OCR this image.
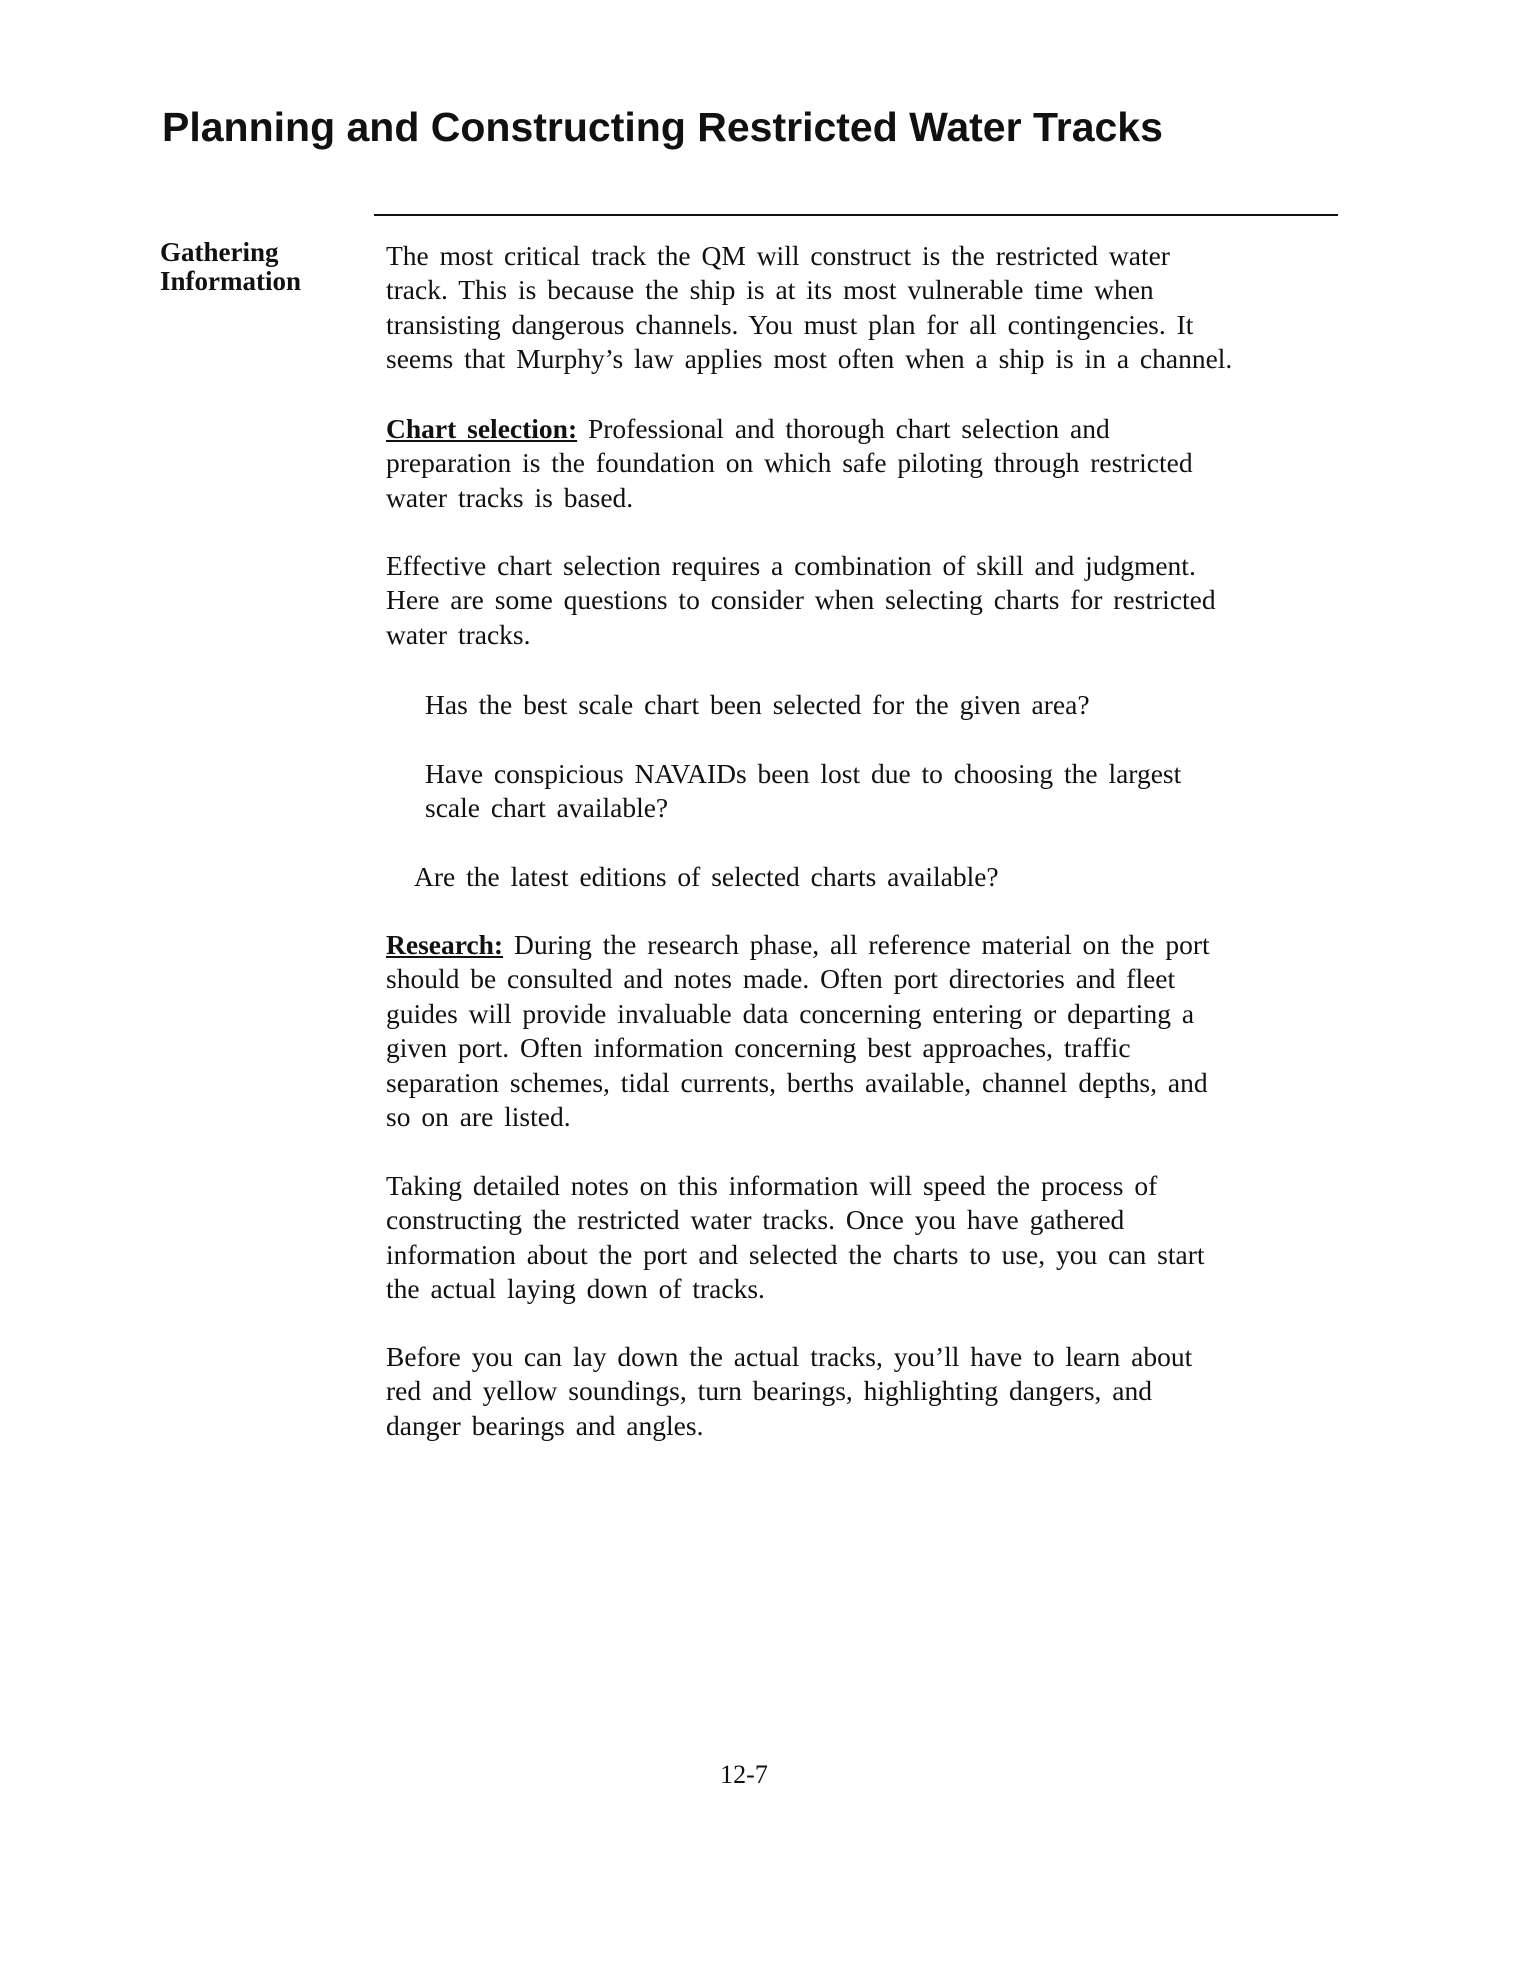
Planning and Constructing Restricted Water Tracks
Gathering
Information
The most critical track the QM will construct is the restricted water
track. This is because the ship is at its most vulnerable time when
transisting dangerous channels. You must plan for all contingencies. It
seems that Murphy’s law applies most often when a ship is in a channel.
Chart selection: Professional and thorough chart selection and
preparation is the foundation on which safe piloting through restricted
water tracks is based.
Effective chart selection requires a combination of skill and judgment.
Here are some questions to consider when selecting charts for restricted
water tracks.
Has the best scale chart been selected for the given area?
Have conspicious NAVAIDs been lost due to choosing the largest
scale chart available?
Are the latest editions of selected charts available?
Research: During the research phase, all reference material on the port
should be consulted and notes made. Often port directories and fleet
guides will provide invaluable data concerning entering or departing a
given port. Often information concerning best approaches, traffic
separation schemes, tidal currents, berths available, channel depths, and
so on are listed.
Taking detailed notes on this information will speed the process of
constructing the restricted water tracks. Once you have gathered
information about the port and selected the charts to use, you can start
the actual laying down of tracks.
Before you can lay down the actual tracks, you’ll have to learn about
red and yellow soundings, turn bearings, highlighting dangers, and
danger bearings and angles.
12-7
